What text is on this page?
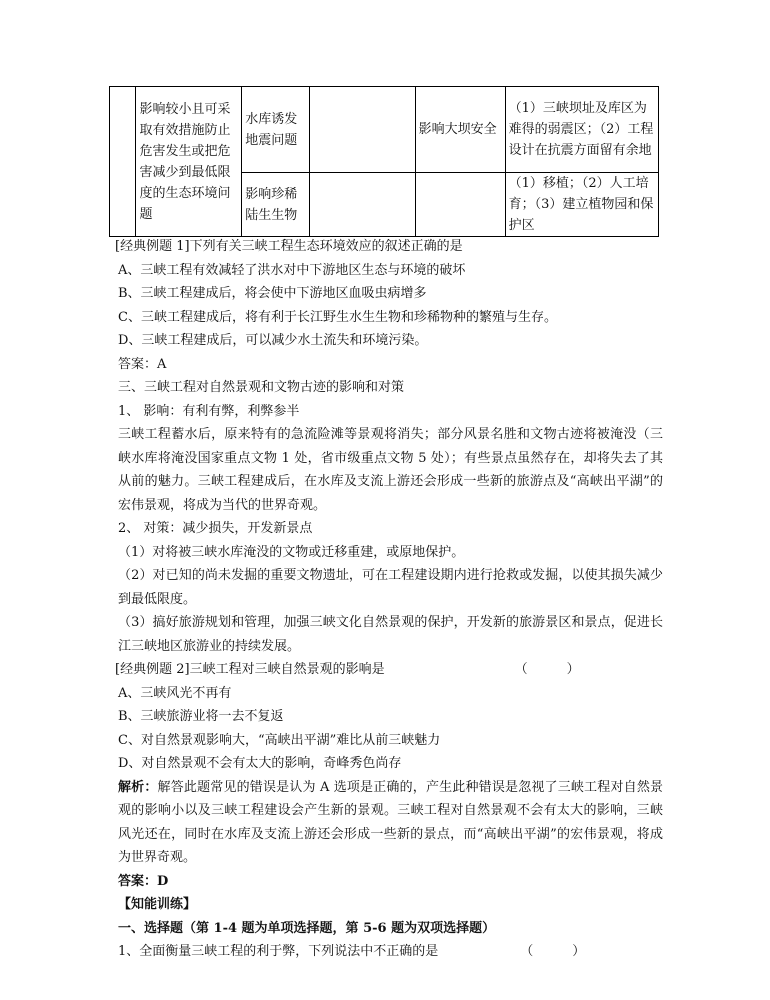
	影响较小且可采取有效措施防止危害发生或把危害减少到最低限度的生态环境问题	水库诱发地震问题		影响大坝安全	（1）三峡坝址及库区为难得的弱震区；（2）工程设计在抗震方面留有余地
		影响珍稀陆生生物			（1）移植；（2）人工培育；（3）建立植物园和保护区
[经典例题 1]下列有关三峡工程生态环境效应的叙述正确的是
A、三峡工程有效减轻了洪水对中下游地区生态与环境的破坏
B、三峡工程建成后，将会使中下游地区血吸虫病增多
C、三峡工程建成后，将有利于长江野生水生生物和珍稀物种的繁殖与生存。
D、三峡工程建成后，可以减少水土流失和环境污染。
答案：A
三、三峡工程对自然景观和文物古迹的影响和对策
1、 影响：有利有弊，利弊参半
三峡工程蓄水后，原来特有的急流险滩等景观将消失；部分风景名胜和文物古迹将被淹没（三峡水库将淹没国家重点文物 1 处，省市级重点文物 5 处）；有些景点虽然存在，却将失去了其从前的魅力。三峡工程建成后，在水库及支流上游还会形成一些新的旅游点及“高峡出平湖”的宏伟景观，将成为当代的世界奇观。
2、 对策：减少损失，开发新景点
（1）对将被三峡水库淹没的文物或迁移重建，或原地保护。
（2）对已知的尚未发掘的重要文物遗址，可在工程建设期内进行抢救或发掘，以使其损失减少到最低限度。
（3）搞好旅游规划和管理，加强三峡文化自然景观的保护，开发新的旅游景区和景点，促进长江三峡地区旅游业的持续发展。
[经典例题 2]三峡工程对三峡自然景观的影响是	（　　　）
A、三峡风光不再有
B、三峡旅游业将一去不复返
C、对自然景观影响大，“高峡出平湖”难比从前三峡魅力
D、对自然景观不会有太大的影响，奇峰秀色尚存
解析：解答此题常见的错误是认为 A 选项是正确的，产生此种错误是忽视了三峡工程对自然景观的影响小以及三峡工程建设会产生新的景观。三峡工程对自然景观不会有太大的影响，三峡风光还在，同时在水库及支流上游还会形成一些新的景点，而“高峡出平湖”的宏伟景观，将成为世界奇观。
答案：D
【知能训练】
一、选择题（第 1-4 题为单项选择题，第 5-6 题为双项选择题）
1、全面衡量三峡工程的利于弊，下列说法中不正确的是	（　　　）
